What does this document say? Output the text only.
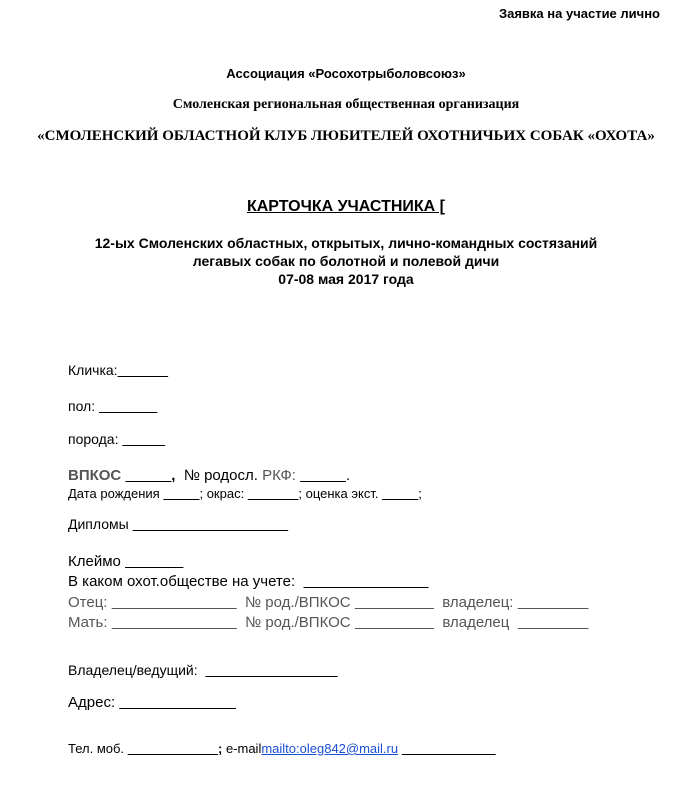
Заявка на участие лично
Ассоциация «Росохотрыболовсоюз»
Смоленская региональная общественная организация
«СМОЛЕНСКИЙ ОБЛАСТНОЙ КЛУБ ЛЮБИТЕЛЕЙ ОХОТНИЧЬИХ СОБАК «ОХОТА»
КАРТОЧКА УЧАСТНИКА [
12-ых Смоленских областных, открытых, лично-командных состязаний
легавых собак по болотной и полевой дичи
07-08 мая 2017 года
Кличка:
пол:
порода:
ВПКОС	, № родосл. РКФ:	.
Дата рождения	; окрас:	; оценка экст.	;
Дипломы
Клеймо
В каком охот.обществе на учете:
Отец:	№ род./ВПКОС	владелец:
Мать:	№ род./ВПКОС	владелец
Владелец/ведущий:
Адрес:
Тел. моб.	; e-mailmailto:oleg842@mail.ru
